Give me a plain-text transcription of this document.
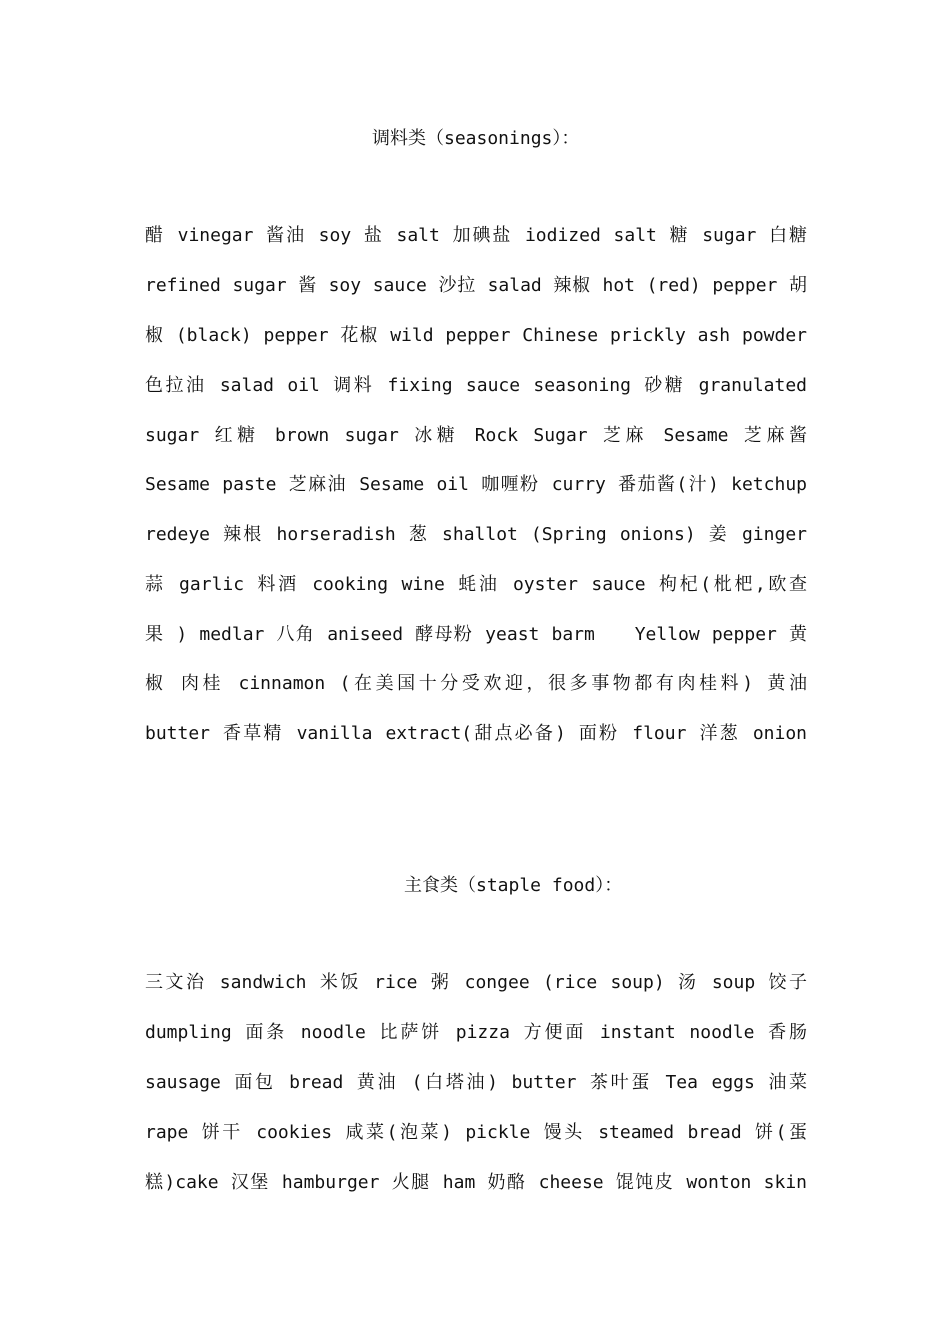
调料类（seasonings）：
醋 vinegar 酱油 soy 盐 salt 加碘盐 iodized salt 糖 sugar 白糖
refined sugar 酱 soy sauce 沙拉 salad 辣椒 hot (red) pepper 胡
椒 (black) pepper 花椒 wild pepper Chinese prickly ash powder
色拉油 salad oil 调料 fixing sauce seasoning 砂糖 granulated
sugar 红糖 brown sugar 冰糖 Rock Sugar 芝麻 Sesame 芝麻酱
Sesame paste 芝麻油 Sesame oil 咖喱粉 curry 番茄酱(汁) ketchup
redeye 辣根 horseradish 葱 shallot (Spring onions) 姜 ginger
蒜 garlic 料酒 cooking wine 蚝油 oyster sauce 枸杞(枇杷,欧查
果 ) medlar 八角 aniseed 酵母粉 yeast barm　　Yellow pepper 黄
椒 肉桂 cinnamon (在美国十分受欢迎，很多事物都有肉桂料) 黄油
butter 香草精 vanilla extract(甜点必备) 面粉 flour 洋葱 onion
主食类（staple food）：
三文治 sandwich 米饭 rice 粥 congee (rice soup) 汤 soup 饺子
dumpling 面条 noodle 比萨饼 pizza 方便面 instant noodle 香肠
sausage 面包 bread 黄油 (白塔油) butter 茶叶蛋 Tea eggs 油菜
rape 饼干 cookies 咸菜(泡菜) pickle 馒头 steamed bread 饼(蛋
糕)cake 汉堡 hamburger 火腿 ham 奶酪 cheese 馄饨皮 wonton skin
